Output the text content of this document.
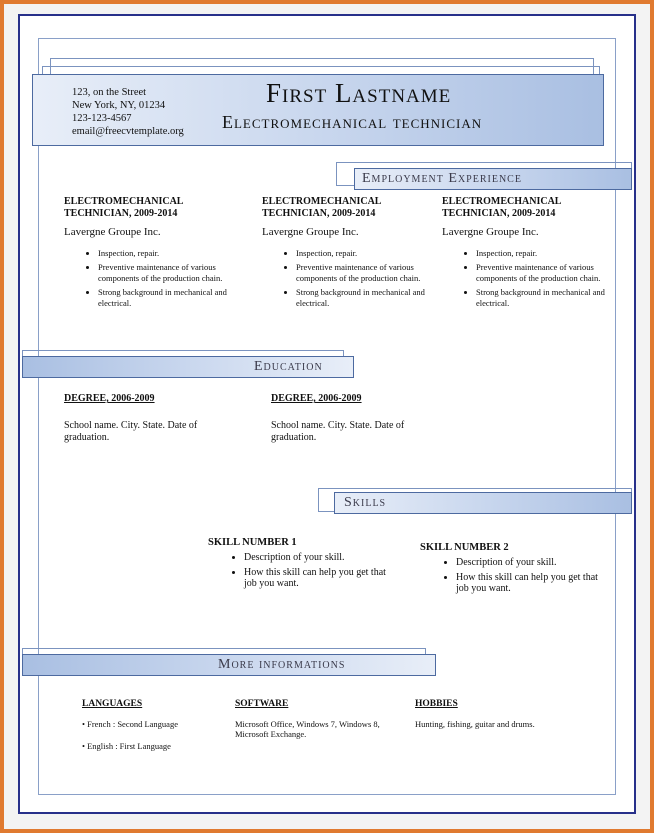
123, on the Street
New York, NY, 01234
123-123-4567
email@freecvtemplate.org
First Lastname
Electromechanical technician
Employment Experience
ELECTROMECHANICAL
TECHNICIAN, 2009-2014
Lavergne Groupe Inc.
• Inspection, repair.
• Preventive maintenance of various components of the production chain.
• Strong background in mechanical and electrical.
ELECTROMECHANICAL
TECHNICIAN, 2009-2014
Lavergne Groupe Inc.
• Inspection, repair.
• Preventive maintenance of various components of the production chain.
• Strong background in mechanical and electrical.
ELECTROMECHANICAL
TECHNICIAN, 2009-2014
Lavergne Groupe Inc.
• Inspection, repair.
• Preventive maintenance of various components of the production chain.
• Strong background in mechanical and electrical.
Education
DEGREE, 2006-2009
School name. City. State. Date of graduation.
DEGREE, 2006-2009
School name. City. State. Date of graduation.
Skills
SKILL NUMBER 1
• Description of your skill.
• How this skill can help you get that job you want.
SKILL NUMBER 2
• Description of your skill.
• How this skill can help you get that job you want.
More informations
LANGUAGES
• French : Second Language
• English : First Language
SOFTWARE
Microsoft Office, Windows 7, Windows 8, Microsoft Exchange.
HOBBIES
Hunting, fishing, guitar and drums.
